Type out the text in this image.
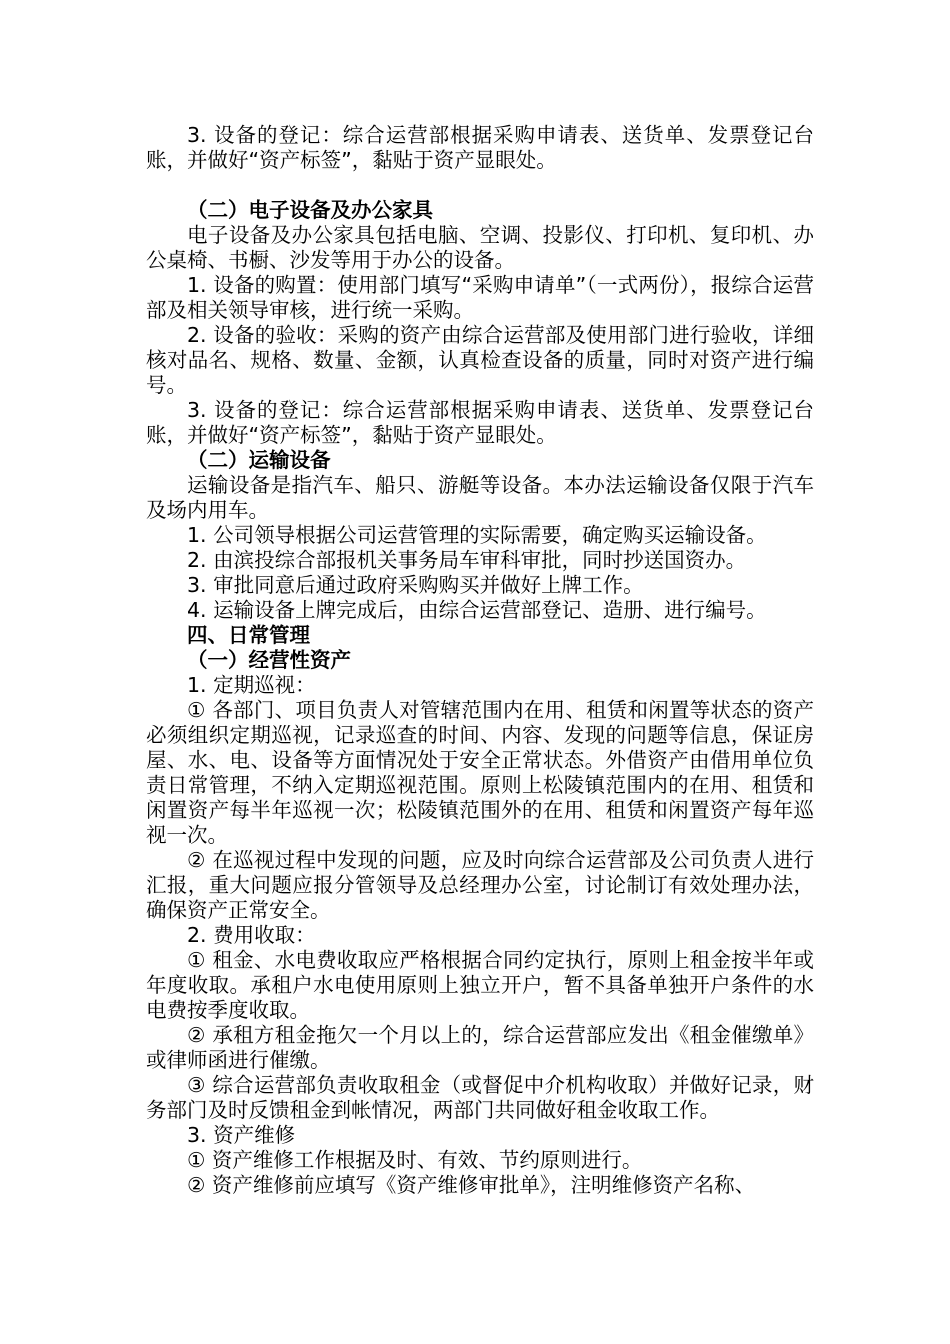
3. 设备的登记：综合运营部根据采购申请表、送货单、发票登记台账，并做好“资产标签”，黏贴于资产显眼处。

（二）电子设备及办公家具

电子设备及办公家具包括电脑、空调、投影仪、打印机、复印机、办公桌椅、书橱、沙发等用于办公的设备。

1. 设备的购置：使用部门填写“采购申请单”（一式两份），报综合运营部及相关领导审核，进行统一采购。

2. 设备的验收：采购的资产由综合运营部及使用部门进行验收，详细核对品名、规格、数量、金额，认真检查设备的质量，同时对资产进行编号。

3. 设备的登记：综合运营部根据采购申请表、送货单、发票登记台账，并做好“资产标签”，黏贴于资产显眼处。

（二）运输设备

运输设备是指汽车、船只、游艇等设备。本办法运输设备仅限于汽车及场内用车。

1. 公司领导根据公司运营管理的实际需要，确定购买运输设备。

2. 由滨投综合部报机关事务局车审科审批，同时抄送国资办。

3. 审批同意后通过政府采购购买并做好上牌工作。

4. 运输设备上牌完成后，由综合运营部登记、造册、进行编号。

四、日常管理

（一）经营性资产

1. 定期巡视：

① 各部门、项目负责人对管辖范围内在用、租赁和闲置等状态的资产必须组织定期巡视，记录巡查的时间、内容、发现的问题等信息，保证房屋、水、电、设备等方面情况处于安全正常状态。外借资产由借用单位负责日常管理，不纳入定期巡视范围。原则上松陵镇范围内的在用、租赁和闲置资产每半年巡视一次；松陵镇范围外的在用、租赁和闲置资产每年巡视一次。

② 在巡视过程中发现的问题，应及时向综合运营部及公司负责人进行汇报，重大问题应报分管领导及总经理办公室，讨论制订有效处理办法，确保资产正常安全。

2. 费用收取：

① 租金、水电费收取应严格根据合同约定执行，原则上租金按半年或年度收取。承租户水电使用原则上独立开户，暂不具备单独开户条件的水电费按季度收取。

② 承租方租金拖欠一个月以上的，综合运营部应发出《租金催缴单》或律师函进行催缴。

③ 综合运营部负责收取租金（或督促中介机构收取）并做好记录，财务部门及时反馈租金到帐情况，两部门共同做好租金收取工作。

3. 资产维修

① 资产维修工作根据及时、有效、节约原则进行。

② 资产维修前应填写《资产维修审批单》，注明维修资产名称、
